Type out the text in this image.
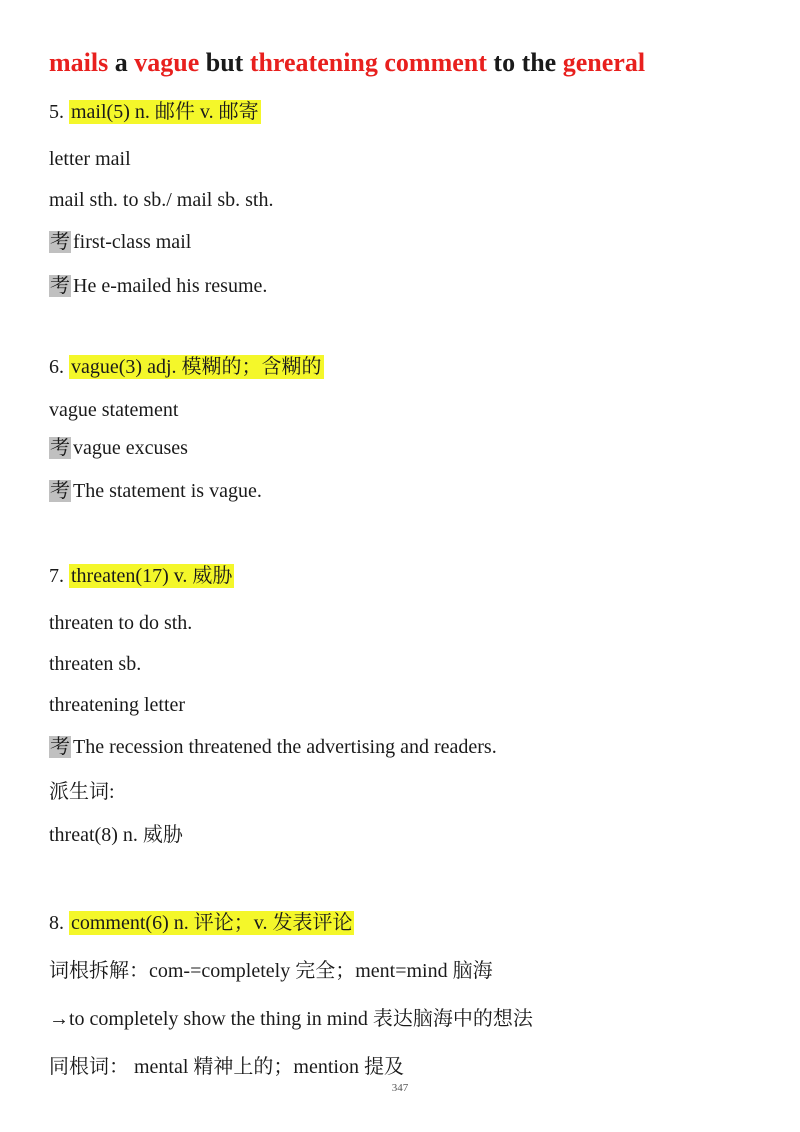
mails a vague but threatening comment to the general
5. mail(5) n. 邮件 v. 邮寄
letter mail
mail sth. to sb./ mail sb. sth.
考 first-class mail
考 He e-mailed his resume.
6. vague(3) adj. 模糊的；含糊的
vague statement
考 vague excuses
考 The statement is vague.
7. threaten(17) v. 威胁
threaten to do sth.
threaten sb.
threatening letter
考 The recession threatened the advertising and readers.
派生词:
threat(8) n. 威胁
8. comment(6) n. 评论；v. 发表评论
词根拆解：com-=completely 完全；ment=mind 脑海
→to completely show the thing in mind 表达脑海中的想法
同根词： mental 精神上的；mention 提及
347
